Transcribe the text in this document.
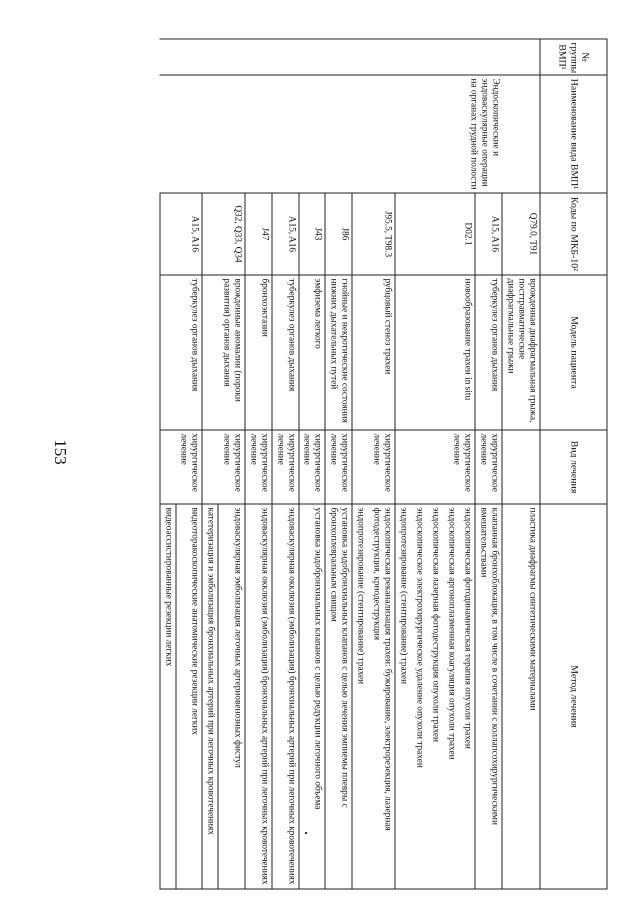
153
№ группы ВМП¹	Наименование вида ВМП¹	Коды по МКБ-10²	Модель пациента	Вид лечения	Метод лечения
		Q79.0, T91	врожденная диафрагмальная грыжа, посттравматические диафрагмальные грыжи		пластика диафрагмы синтетическими материалами
	Эндоскопические и эндоваскулярные операции на органах грудной полости	A15, A16	туберкулез органов дыхания	хирургическое лечение	клапанная бронхоблокация, в том числе в сочетании с коллапсохирургическими вмешательствами
		D02.1	новообразование трахеи in situ	хирургическое лечение	эндоскопическая фотодинамическая терапия опухоли трахеи
эндоскопическая аргоноплазменная коагуляция опухоли трахеи
эндоскопическая лазерная фотодеструкция опухоли трахеи
эндоскопическое электрохирургическое удаление опухоли трахеи
эндопротезирование (стентирование) трахеи

		J95.5, T98.3	рубцовый стеноз трахеи	хирургическое лечение	эндоскопическая реканализация трахеи: бужирование, электрорезекция, лазерная фотодеструкция, криодеструкция
эндопротезирование (стентирование) трахеи

		J86	гнойные и некротические состояния нижних дыхательных путей	хирургическое лечение	установка эндобронхиальных клапанов с целью лечения эмпиемы плевры с бронхоплевральным свищом
		J43	эмфизема легкого	хирургическое лечение	установка эндобронхиальных клапанов с целью редукции легочного объема
		A15, A16	туберкулез органов дыхания	хирургическое лечение	эндоваскулярная окклюзия (эмболизация) бронхиальных артерий при легочных кровотечениях
		J47	бронхоэктазии	хирургическое лечение	эндоваскулярная окклюзия (эмболизация) бронхиальных артерий при легочных кровотечениях
		Q32, Q33, Q34	врожденные аномалии (пороки развития) органов дыхания	хирургическое лечение	эндоваскулярная эмболизация легочных артериовенозных фистул
					катетеризация и эмболизация бронхиальных артерий при легочных кровотечениях
		A15, A16	туберкулез органов дыхания	хирургическое лечение	видеоторакоскопические анатомические резекции легких
					видеоассистированные резекции легких
